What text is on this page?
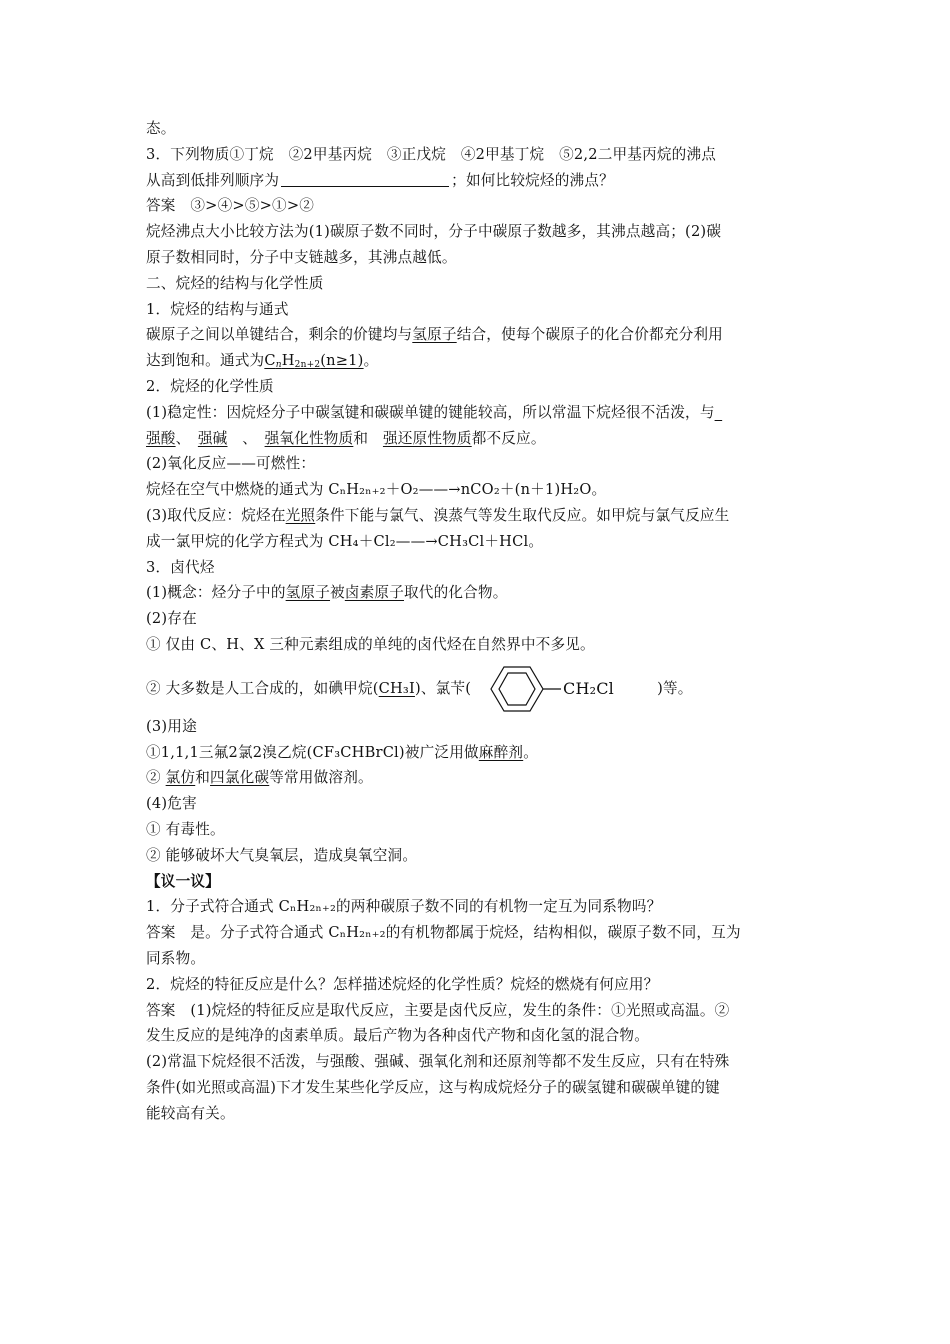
态。
3．下列物质①丁烷　②2甲基丙烷　③正戊烷　④2甲基丁烷　⑤2,2二甲基丙烷的沸点
从高到低排列顺序为	；如何比较烷烃的沸点？
答案　③>④>⑤>①>②
烷烃沸点大小比较方法为(1)碳原子数不同时，分子中碳原子数越多，其沸点越高；(2)碳
原子数相同时，分子中支链越多，其沸点越低。
二、烷烃的结构与化学性质
1．烷烃的结构与通式
碳原子之间以单键结合，剩余的价键均与氢原子结合，使每个碳原子的化合价都充分利用
达到饱和。通式为$C_nH_{2n+2}(n\ge 1)$。
2．烷烃的化学性质
(1)稳定性：因烷烃分子中碳氢键和碳碳单键的键能较高，所以常温下烷烃很不活泼，与_
强酸、　 强碱　 、　 强氧化性物质和　 强还原性物质都不反应。
(2)氧化反应——可燃性：
烷烃在空气中燃烧的通式为 CₙH₂ₙ₊₂＋O₂——→nCO₂＋(n＋1)H₂O。
(3)取代反应：烷烃在光照条件下能与氯气、溴蒸气等发生取代反应。如甲烷与氯气反应生
成一氯甲烷的化学方程式为 CH₄＋Cl₂——→CH₃Cl＋HCl。
3．卤代烃
(1)概念：烃分子中的氢原子被卤素原子取代的化合物。
(2)存在
① 仅由 C、H、X 三种元素组成的单纯的卤代烃在自然界中不多见。
② 大多数是人工合成的，如碘甲烷(CH₃I)、氯苄(	CH₂Cl	)等。
(3)用途
①1,1,1三氟2氯2溴乙烷(CF₃CHBrCl)被广泛用做麻醉剂。
② 氯仿和四氯化碳等常用做溶剂。
(4)危害
① 有毒性。
② 能够破坏大气臭氧层，造成臭氧空洞。
【议一议】
1．分子式符合通式 CₙH₂ₙ₊₂的两种碳原子数不同的有机物一定互为同系物吗？
答案　是。分子式符合通式 CₙH₂ₙ₊₂的有机物都属于烷烃，结构相似，碳原子数不同，互为
同系物。
2．烷烃的特征反应是什么？怎样描述烷烃的化学性质？烷烃的燃烧有何应用？
答案　(1)烷烃的特征反应是取代反应，主要是卤代反应，发生的条件：①光照或高温。②
发生反应的是纯净的卤素单质。最后产物为各种卤代产物和卤化氢的混合物。
(2)常温下烷烃很不活泼，与强酸、强碱、强氧化剂和还原剂等都不发生反应，只有在特殊
条件(如光照或高温)下才发生某些化学反应，这与构成烷烃分子的碳氢键和碳碳单键的键
能较高有关。
